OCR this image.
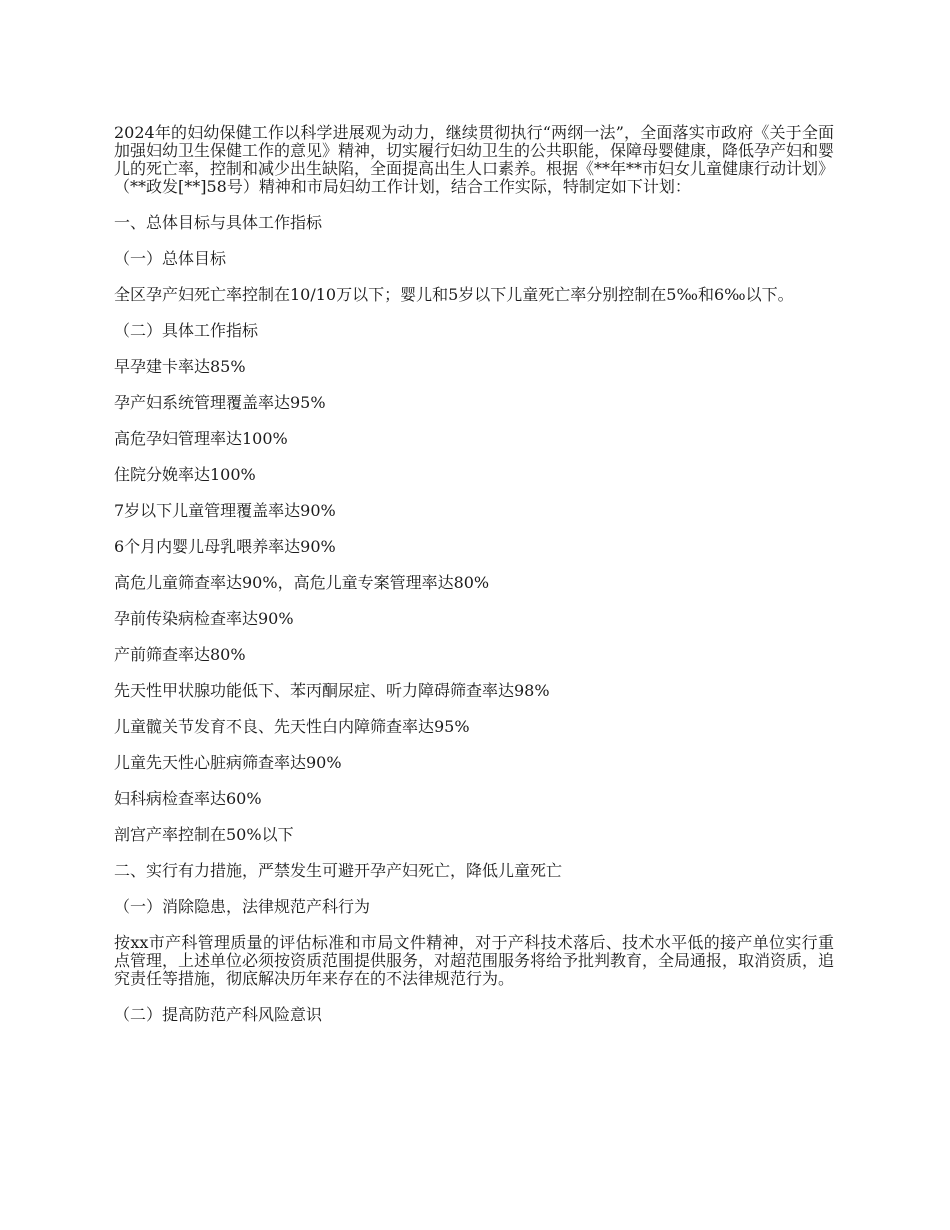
2024年的妇幼保健工作以科学进展观为动力，继续贯彻执行“两纲一法”，全面落实市政府《关于全面加强妇幼卫生保健工作的意见》精神，切实履行妇幼卫生的公共职能，保障母婴健康，降低孕产妇和婴儿的死亡率，控制和减少出生缺陷，全面提高出生人口素养。根据《**年**市妇女儿童健康行动计划》（**政发[**]58号）精神和市局妇幼工作计划，结合工作实际，特制定如下计划：

一、总体目标与具体工作指标
（一）总体目标

全区孕产妇死亡率控制在10/10万以下；婴儿和5岁以下儿童死亡率分别控制在5‰和6‰以下。

（二）具体工作指标
早孕建卡率达85%
孕产妇系统管理覆盖率达95%
高危孕妇管理率达100%
住院分娩率达100%
7岁以下儿童管理覆盖率达90%
6个月内婴儿母乳喂养率达90%
高危儿童筛查率达90%，高危儿童专案管理率达80%
孕前传染病检查率达90%
产前筛查率达80%
先天性甲状腺功能低下、苯丙酮尿症、听力障碍筛查率达98%
儿童髋关节发育不良、先天性白内障筛查率达95%
儿童先天性心脏病筛查率达90%
妇科病检查率达60%
剖宫产率控制在50%以下
二、实行有力措施，严禁发生可避开孕产妇死亡，降低儿童死亡
（一）消除隐患，法律规范产科行为

按xx市产科管理质量的评估标准和市局文件精神，对于产科技术落后、技术水平低的接产单位实行重点管理，上述单位必须按资质范围提供服务，对超范围服务将给予批判教育，全局通报，取消资质，追究责任等措施，彻底解决历年来存在的不法律规范行为。

（二）提高防范产科风险意识
